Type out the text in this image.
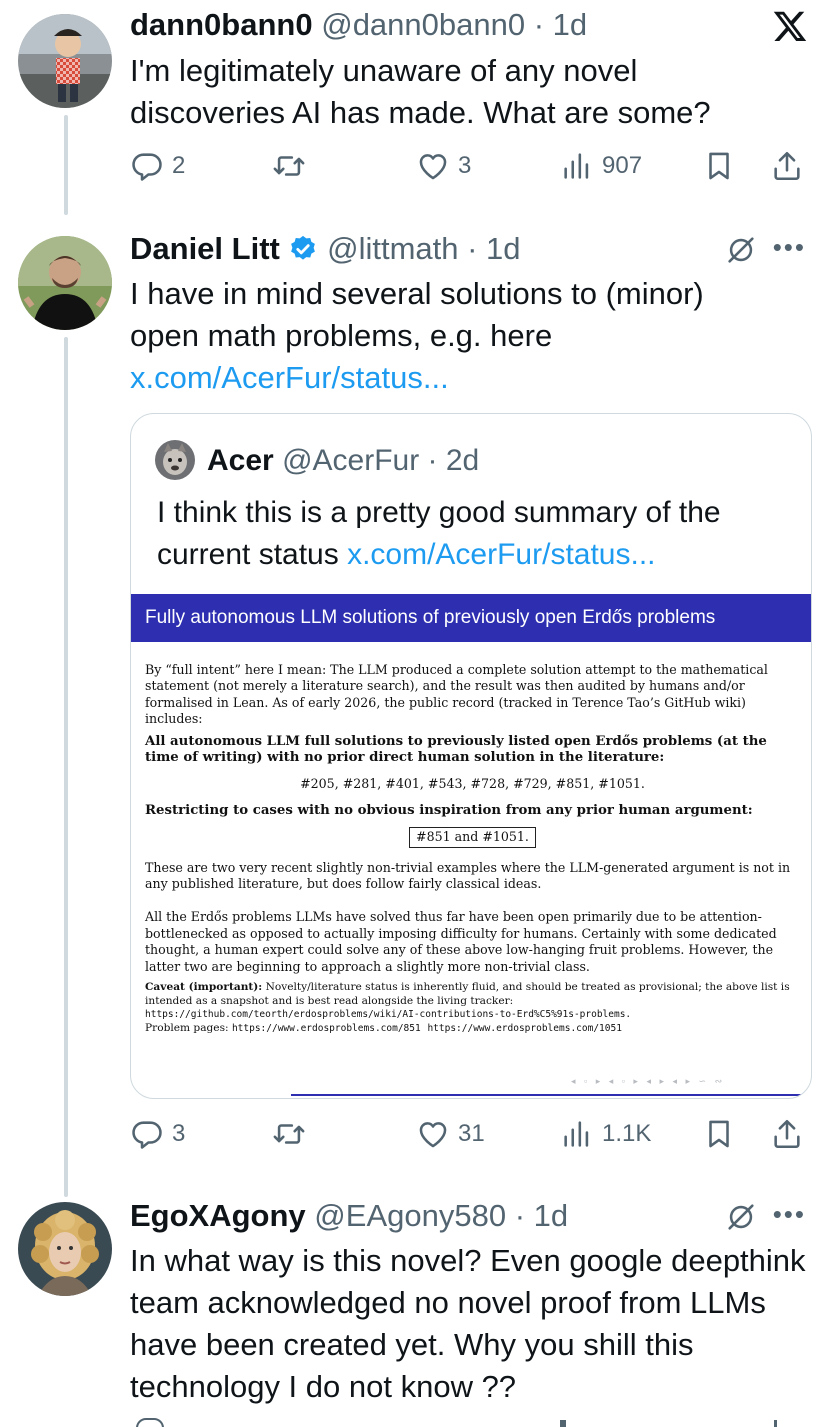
dann0bann0 @dann0bann0 · 1d
I'm legitimately unaware of any novel discoveries AI has made. What are some?
2	3	907
Daniel Litt @littmath · 1d	•••
I have in mind several solutions to (minor) open math problems, e.g. here x.com/AcerFur/status...
Acer @AcerFur · 2d
I think this is a pretty good summary of the current status x.com/AcerFur/status...
Fully autonomous LLM solutions of previously open Erdős problems

By “full intent” here I mean: The LLM produced a complete solution attempt to the mathematical statement (not merely a literature search), and the result was then audited by humans and/or formalised in Lean. As of early 2026, the public record (tracked in Terence Tao’s GitHub wiki) includes:

All autonomous LLM full solutions to previously listed open Erdős problems (at the time of writing) with no prior direct human solution in the literature:

#205, #281, #401, #543, #728, #729, #851, #1051.

Restricting to cases with no obvious inspiration from any prior human argument:

#851 and #1051.

These are two very recent slightly non-trivial examples where the LLM-generated argument is not in any published literature, but does follow fairly classical ideas.

All the Erdős problems LLMs have solved thus far have been open primarily due to be attention-bottlenecked as opposed to actually imposing difficulty for humans. Certainly with some dedicated thought, a human expert could solve any of these above low-hanging fruit problems. However, the latter two are beginning to approach a slightly more non-trivial class.

Caveat (important): Novelty/literature status is inherently fluid, and should be treated as provisional; the above list is intended as a snapshot and is best read alongside the living tracker:
https://github.com/teorth/erdosproblems/wiki/AI-contributions-to-Erd%C5%91s-problems.
Problem pages: https://www.erdosproblems.com/851 https://www.erdosproblems.com/1051

◂ ▫ ▸ ◂ ▫ ▸ ◂ ▸ ◂ ▸ ∽ ∾
3	31	1.1K
EgoXAgony @EAgony580 · 1d	•••
In what way is this novel? Even google deepthink team acknowledged no novel proof from LLMs have been created yet. Why you shill this technology I do not know ??
